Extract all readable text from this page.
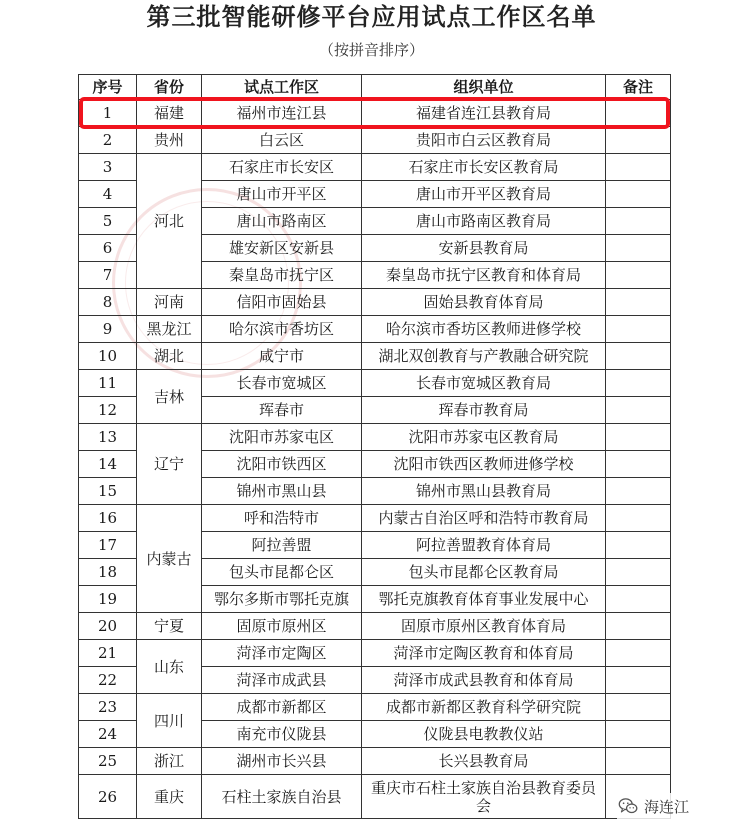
第三批智能研修平台应用试点工作区名单
（按拼音排序）
序号	省份	试点工作区	组织单位	备注
1	福建	福州市连江县	福建省连江县教育局	
2	贵州	白云区	贵阳市白云区教育局	
3	河北	石家庄市长安区	石家庄市长安区教育局	
4		唐山市开平区	唐山市开平区教育局	
5		唐山市路南区	唐山市路南区教育局	
6		雄安新区安新县	安新县教育局	
7		秦皇岛市抚宁区	秦皇岛市抚宁区教育和体育局	
8	河南	信阳市固始县	固始县教育体育局	
9	黑龙江	哈尔滨市香坊区	哈尔滨市香坊区教师进修学校	
10	湖北	咸宁市	湖北双创教育与产教融合研究院	
11	吉林	长春市宽城区	长春市宽城区教育局	
12		珲春市	珲春市教育局	
13	辽宁	沈阳市苏家屯区	沈阳市苏家屯区教育局	
14		沈阳市铁西区	沈阳市铁西区教师进修学校	
15		锦州市黑山县	锦州市黑山县教育局	
16	内蒙古	呼和浩特市	内蒙古自治区呼和浩特市教育局	
17		阿拉善盟	阿拉善盟教育体育局	
18		包头市昆都仑区	包头市昆都仑区教育局	
19		鄂尔多斯市鄂托克旗	鄂托克旗教育体育事业发展中心	
20	宁夏	固原市原州区	固原市原州区教育体育局	
21	山东	菏泽市定陶区	菏泽市定陶区教育和体育局	
22		菏泽市成武县	菏泽市成武县教育和体育局	
23	四川	成都市新都区	成都市新都区教育科学研究院	
24		南充市仪陇县	仪陇县电教教仪站	
25	浙江	湖州市长兴县	长兴县教育局	
26	重庆	石柱土家族自治县	重庆市石柱土家族自治县教育委员会		海连江
